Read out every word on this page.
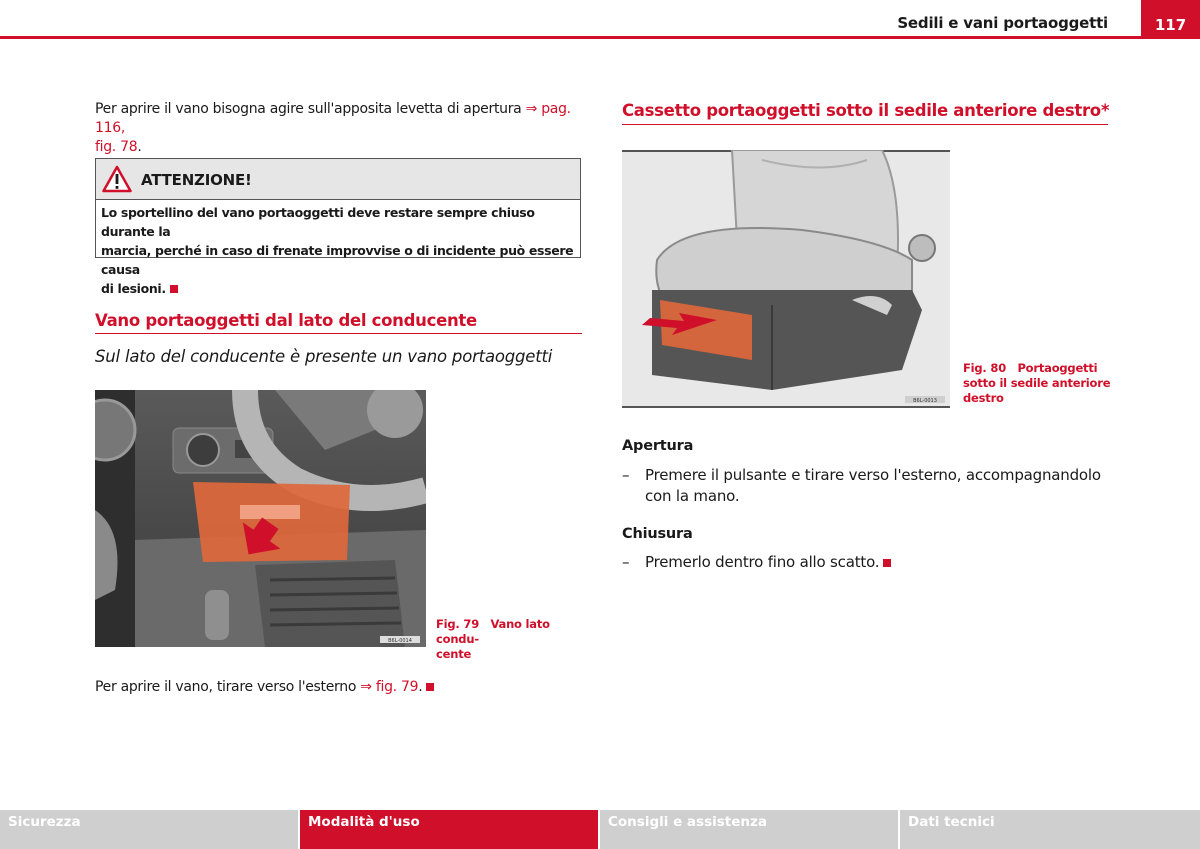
Sedili e vani portaoggetti	117
Per aprire il vano bisogna agire sull'apposita levetta di apertura ⇒ pag. 116,
fig. 78.
ATTENZIONE!
Lo sportellino del vano portaoggetti deve restare sempre chiuso durante la
marcia, perché in caso di frenate improvvise o di incidente può essere causa
di lesioni.
Vano portaoggetti dal lato del conducente
Sul lato del conducente è presente un vano portaoggetti
B6L-0014
Fig. 79 Vano lato condu-
cente
Per aprire il vano, tirare verso l'esterno ⇒ fig. 79.
Cassetto portaoggetti sotto il sedile anteriore destro*
B6L-0013
Fig. 80 Portaoggetti
sotto il sedile anteriore
destro
Apertura
–	Premere il pulsante e tirare verso l'esterno, accompagnandolo
con la mano.
Chiusura
–	Premerlo dentro fino allo scatto.
Sicurezza	Modalità d'uso	Consigli e assistenza	Dati tecnici
